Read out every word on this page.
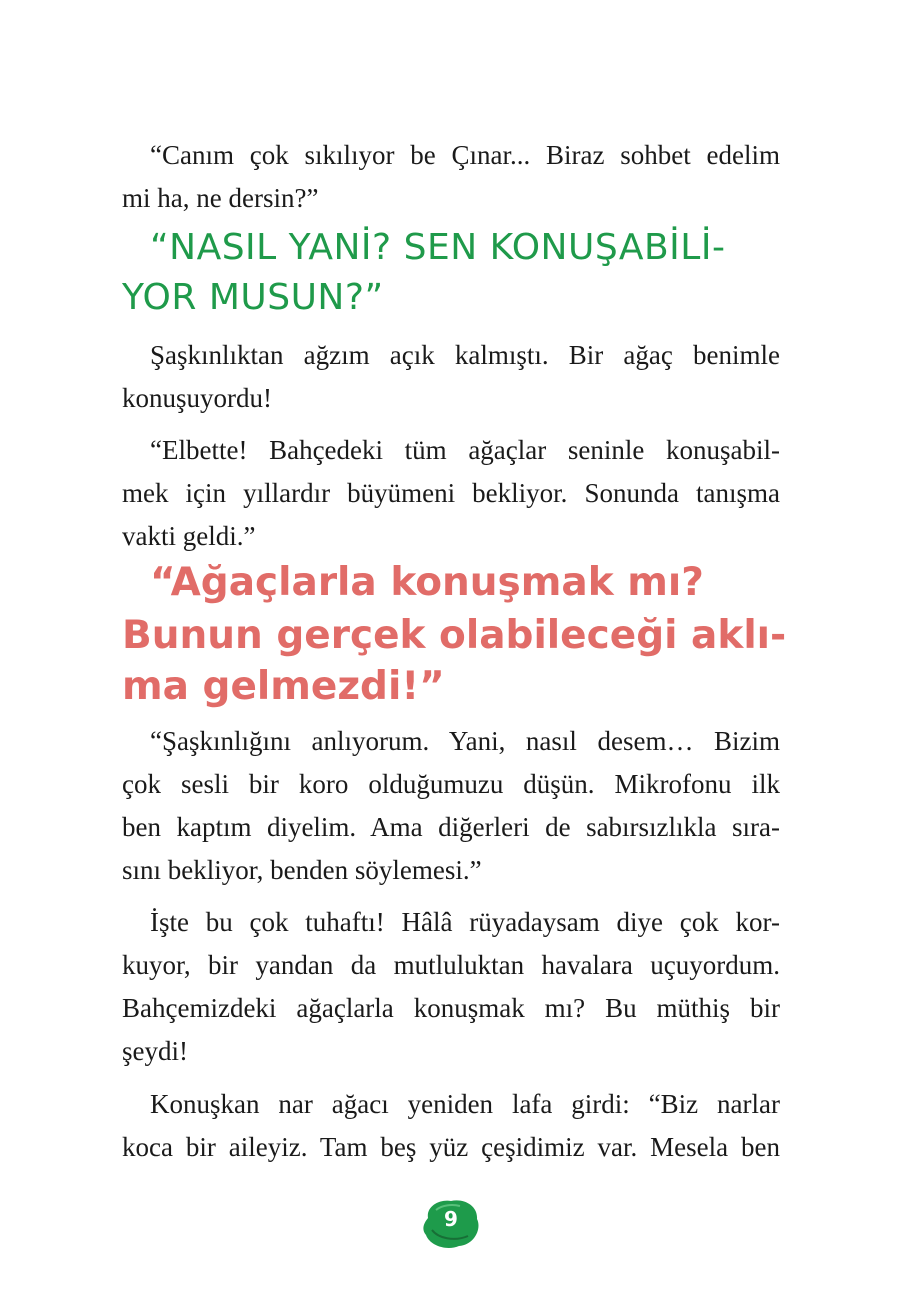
“Canım çok sıkılıyor be Çınar... Biraz sohbet edelim
mi ha, ne dersin?”
“NASIL YANİ? SEN KONUŞABİLİ-
YOR MUSUN?”
Şaşkınlıktan ağzım açık kalmıştı. Bir ağaç benimle
konuşuyordu!
“Elbette! Bahçedeki tüm ağaçlar seninle konuşabil-
mek için yıllardır büyümeni bekliyor. Sonunda tanışma
vakti geldi.”
“Ağaçlarla konuşmak mı?
Bunun gerçek olabileceği aklı-
ma gelmezdi!”
“Şaşkınlığını anlıyorum. Yani, nasıl desem… Bizim
çok sesli bir koro olduğumuzu düşün. Mikrofonu ilk
ben kaptım diyelim. Ama diğerleri de sabırsızlıkla sıra-
sını bekliyor, benden söylemesi.”
İşte bu çok tuhaftı! Hâlâ rüyadaysam diye çok kor-
kuyor, bir yandan da mutluluktan havalara uçuyordum.
Bahçemizdeki ağaçlarla konuşmak mı? Bu müthiş bir
şeydi!
Konuşkan nar ağacı yeniden lafa girdi: “Biz narlar
koca bir aileyiz. Tam beş yüz çeşidimiz var. Mesela ben
9
